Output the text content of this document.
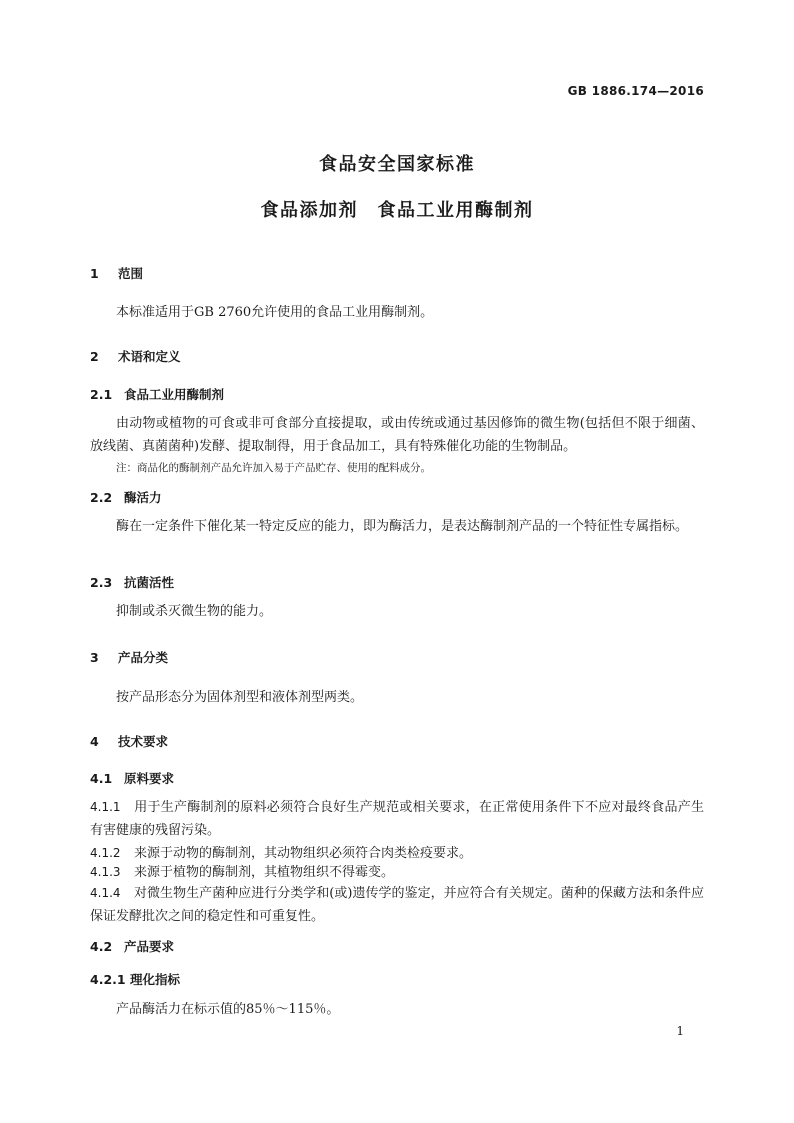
GB 1886.174—2016
食品安全国家标准
食品添加剂　食品工业用酶制剂
1 范围
本标准适用于GB 2760允许使用的食品工业用酶制剂。
2 术语和定义
2.1 食品工业用酶制剂
由动物或植物的可食或非可食部分直接提取，或由传统或通过基因修饰的微生物(包括但不限于细菌、放线菌、真菌菌种)发酵、提取制得，用于食品加工，具有特殊催化功能的生物制品。
注：商品化的酶制剂产品允许加入易于产品贮存、使用的配料成分。
2.2 酶活力
酶在一定条件下催化某一特定反应的能力，即为酶活力，是表达酶制剂产品的一个特征性专属指标。
2.3 抗菌活性
抑制或杀灭微生物的能力。
3 产品分类
按产品形态分为固体剂型和液体剂型两类。
4 技术要求
4.1 原料要求
4.1.1 用于生产酶制剂的原料必须符合良好生产规范或相关要求，在正常使用条件下不应对最终食品产生有害健康的残留污染。
4.1.2 来源于动物的酶制剂，其动物组织必须符合肉类检疫要求。
4.1.3 来源于植物的酶制剂，其植物组织不得霉变。
4.1.4 对微生物生产菌种应进行分类学和(或)遗传学的鉴定，并应符合有关规定。菌种的保藏方法和条件应保证发酵批次之间的稳定性和可重复性。
4.2 产品要求
4.2.1 理化指标
产品酶活力在标示值的85％～115％。
1
